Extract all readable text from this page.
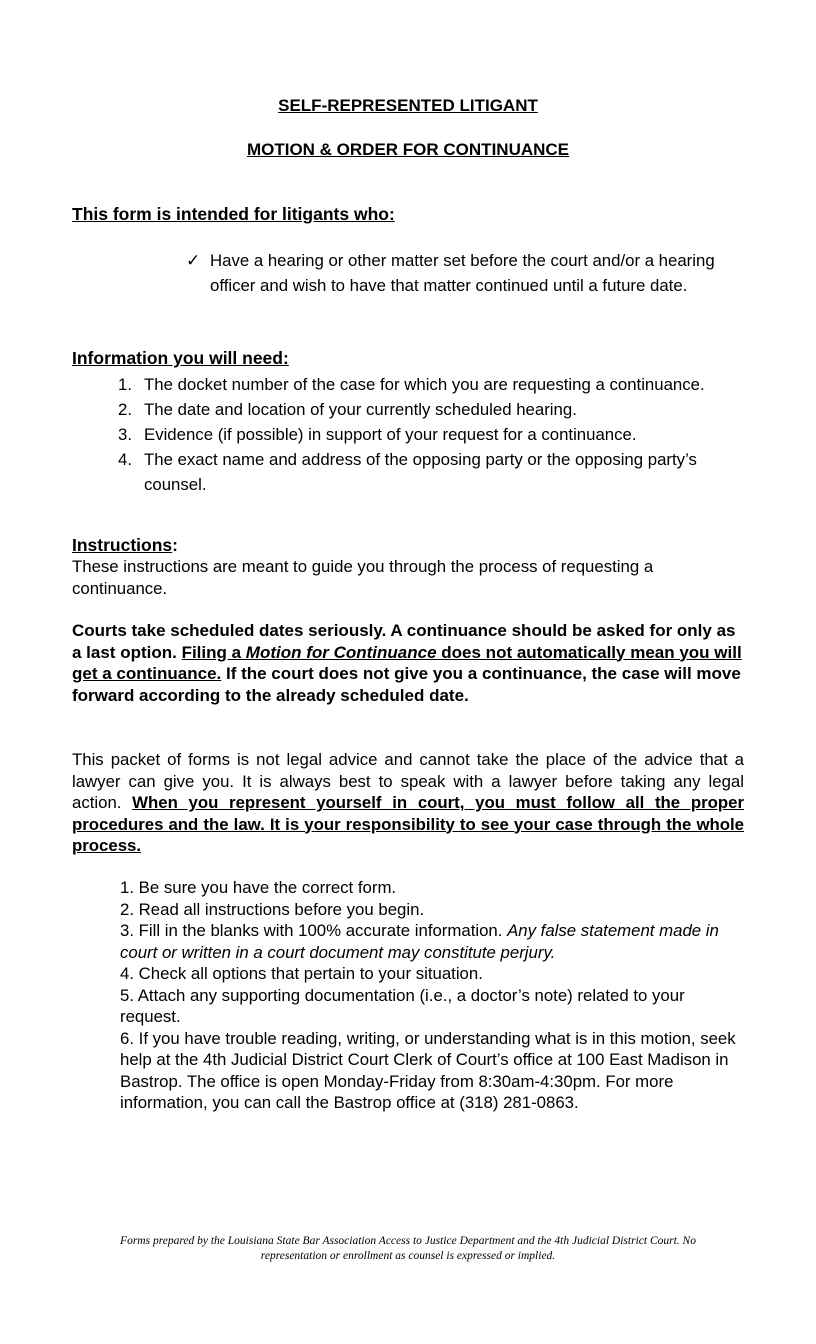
SELF-REPRESENTED LITIGANT
MOTION & ORDER FOR CONTINUANCE
This form is intended for litigants who:
✓ Have a hearing or other matter set before the court and/or a hearing officer and wish to have that matter continued until a future date.
Information you will need:
1. The docket number of the case for which you are requesting a continuance.
2. The date and location of your currently scheduled hearing.
3. Evidence (if possible) in support of your request for a continuance.
4. The exact name and address of the opposing party or the opposing party’s counsel.
Instructions:
These instructions are meant to guide you through the process of requesting a continuance.
Courts take scheduled dates seriously. A continuance should be asked for only as a last option. Filing a Motion for Continuance does not automatically mean you will get a continuance. If the court does not give you a continuance, the case will move forward according to the already scheduled date.
This packet of forms is not legal advice and cannot take the place of the advice that a lawyer can give you. It is always best to speak with a lawyer before taking any legal action. When you represent yourself in court, you must follow all the proper procedures and the law. It is your responsibility to see your case through the whole process.
1. Be sure you have the correct form.
2. Read all instructions before you begin.
3. Fill in the blanks with 100% accurate information. Any false statement made in court or written in a court document may constitute perjury.
4. Check all options that pertain to your situation.
5. Attach any supporting documentation (i.e., a doctor’s note) related to your request.
6. If you have trouble reading, writing, or understanding what is in this motion, seek help at the 4th Judicial District Court Clerk of Court’s office at 100 East Madison in Bastrop. The office is open Monday-Friday from 8:30am-4:30pm. For more information, you can call the Bastrop office at (318) 281-0863.
Forms prepared by the Louisiana State Bar Association Access to Justice Department and the 4th Judicial District Court. No
representation or enrollment as counsel is expressed or implied.
